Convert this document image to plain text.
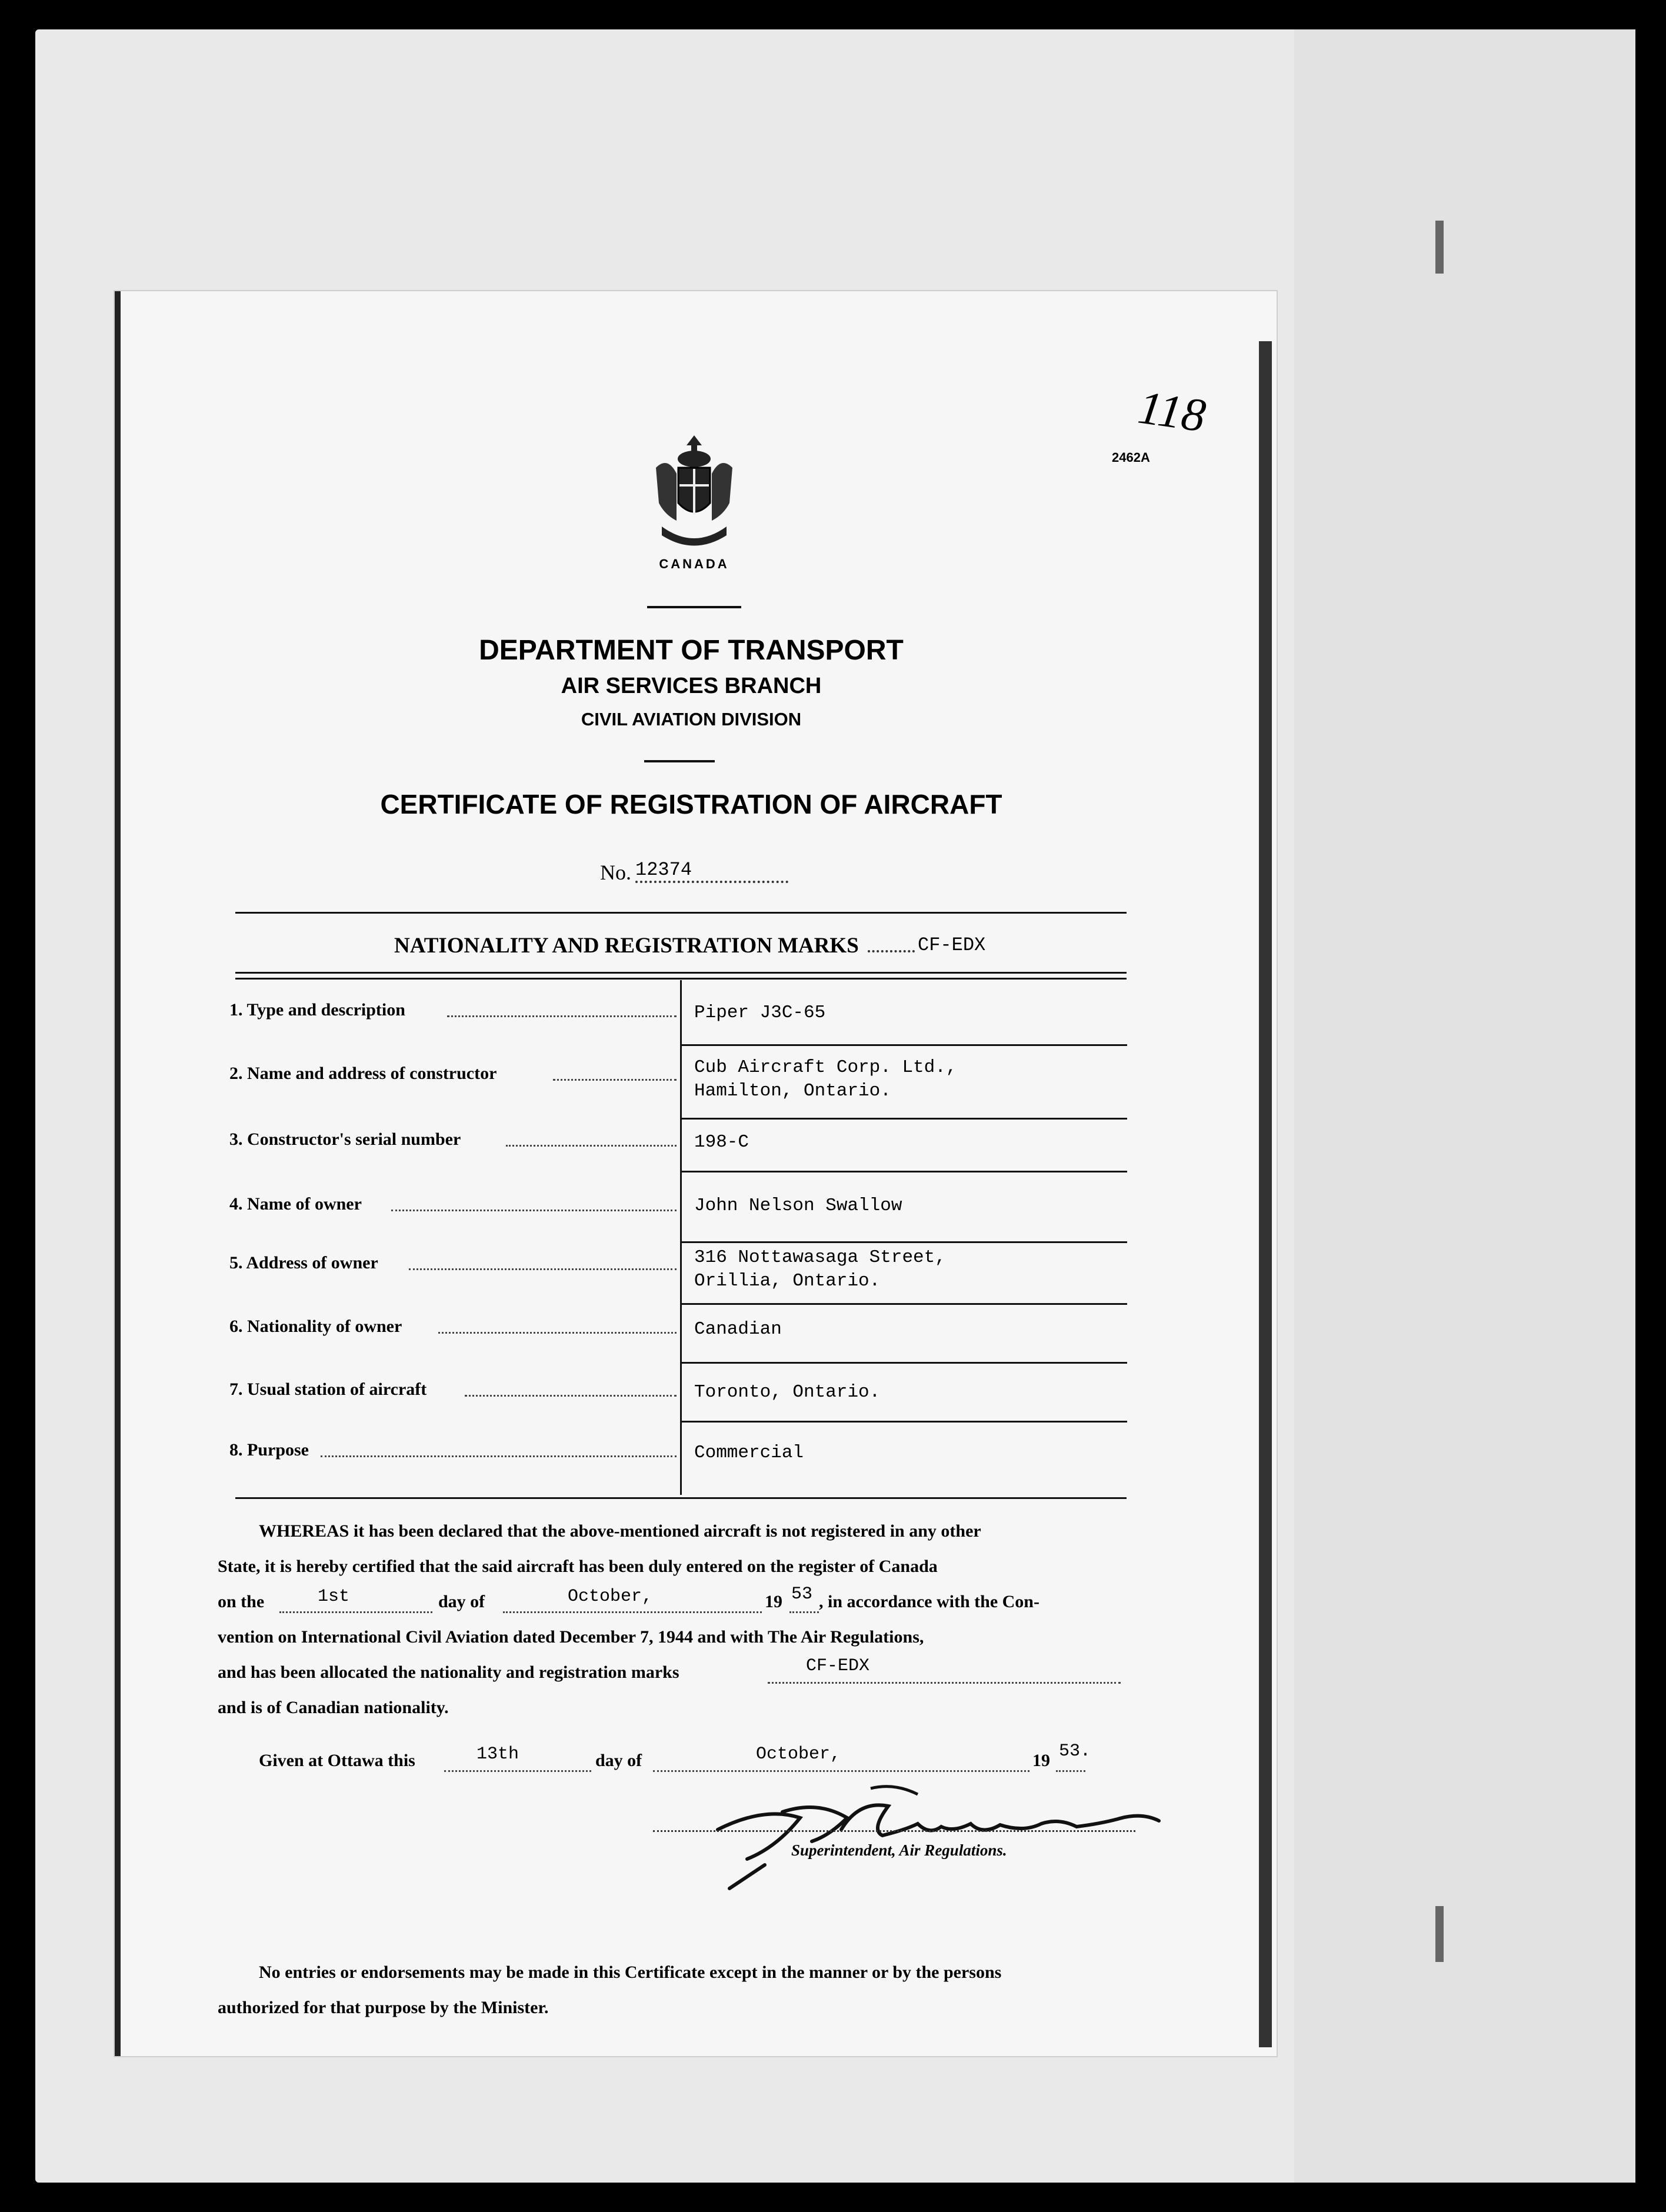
2462A
118
CANADA
DEPARTMENT OF TRANSPORT
AIR SERVICES BRANCH
CIVIL AVIATION DIVISION
CERTIFICATE OF REGISTRATION OF AIRCRAFT
No. 12374
NATIONALITY AND REGISTRATION MARKS	CF-EDX
1. Type and description	Piper J3C-65
2. Name and address of constructor	Cub Aircraft Corp. Ltd.,
Hamilton, Ontario.
3. Constructor's serial number	198-C
4. Name of owner	John Nelson Swallow
5. Address of owner	316 Nottawasaga Street,
Orillia, Ontario.
6. Nationality of owner	Canadian
7. Usual station of aircraft	Toronto, Ontario.
8. Purpose	Commercial
WHEREAS it has been declared that the above-mentioned aircraft is not registered in any other
State, it is hereby certified that the said aircraft has been duly entered on the register of Canada
on the	1st	day of	October,	19 53 , in accordance with the Con-
vention on International Civil Aviation dated December 7, 1944 and with The Air Regulations,
and has been allocated the nationality and registration marks	CF-EDX
and is of Canadian nationality.
Given at Ottawa this	13th	day of	October,	19 53.
Superintendent, Air Regulations.
No entries or endorsements may be made in this Certificate except in the manner or by the persons
authorized for that purpose by the Minister.
